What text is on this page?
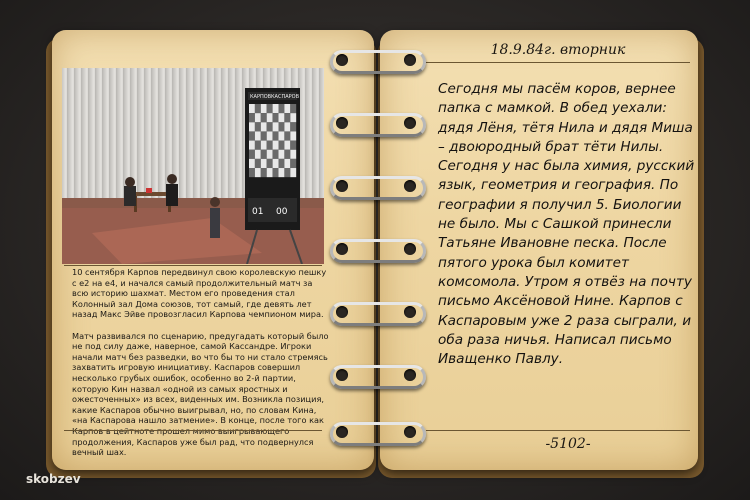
КАРПОВ КАСПАРОВ
01 00
10 сентября Карпов передвинул свою королевскую пешку с e2 на e4, и начался самый продолжительный матч за всю историю шахмат. Местом его проведения стал Колонный зал Дома союзов, тот самый, где девять лет назад Макс Эйве провозгласил Карпова чемпионом мира.

Матч развивался по сценарию, предугадать который было не под силу даже, наверное, самой Кассандре. Игроки начали матч без разведки, во что бы то ни стало стремясь захватить игровую инициативу. Каспаров совершил несколько грубых ошибок, особенно во 2-й партии, которую Кин назвал «одной из самых яростных и ожесточенных» из всех, виденных им. Возникла позиция, какие Каспаров обычно выигрывал, но, по словам Кина, «на Каспарова нашло затмение». В конце, после того как продолжения, Каспаров уже был рад, что подвернулся вечный шах.
18.9.84г. вторник
Сегодня мы пасём коров, вернее папка с мамкой. В обед уехали: дядя Лёня, тётя Нила и дядя Миша – двоюродный брат тёти Нилы. Сегодня у нас была химия, русский язык, геометрия и география. По географии я получил 5. Биологии не было. Мы с Сашкой принесли Татьяне Ивановне песка. После пятого урока был комитет комсомола. Утром я отвёз на почту письмо Аксёновой Нине. Карпов с Каспаровым уже 2 раза сыграли, и оба раза ничья. Написал письмо Иващенко Павлу.
-5102-
skobzev
